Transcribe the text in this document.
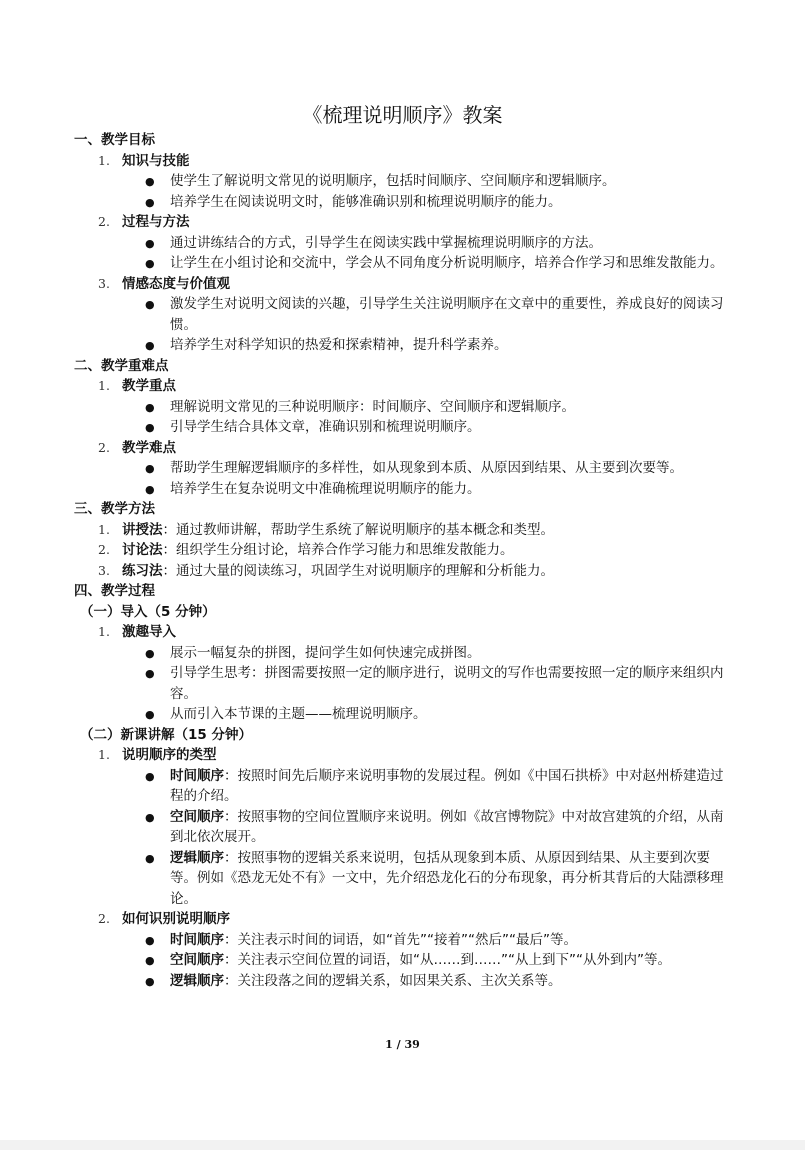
《梳理说明顺序》教案
一、教学目标
1. 知识与技能
● 使学生了解说明文常见的说明顺序，包括时间顺序、空间顺序和逻辑顺序。
● 培养学生在阅读说明文时，能够准确识别和梳理说明顺序的能力。
2. 过程与方法
● 通过讲练结合的方式，引导学生在阅读实践中掌握梳理说明顺序的方法。
● 让学生在小组讨论和交流中，学会从不同角度分析说明顺序，培养合作学习和思维发散能力。
3. 情感态度与价值观
● 激发学生对说明文阅读的兴趣，引导学生关注说明顺序在文章中的重要性，养成良好的阅读习惯。
● 培养学生对科学知识的热爱和探索精神，提升科学素养。
二、教学重难点
1. 教学重点
● 理解说明文常见的三种说明顺序：时间顺序、空间顺序和逻辑顺序。
● 引导学生结合具体文章，准确识别和梳理说明顺序。
2. 教学难点
● 帮助学生理解逻辑顺序的多样性，如从现象到本质、从原因到结果、从主要到次要等。
● 培养学生在复杂说明文中准确梳理说明顺序的能力。
三、教学方法
1. 讲授法：通过教师讲解，帮助学生系统了解说明顺序的基本概念和类型。
2. 讨论法：组织学生分组讨论，培养合作学习能力和思维发散能力。
3. 练习法：通过大量的阅读练习，巩固学生对说明顺序的理解和分析能力。
四、教学过程
（一）导入（5 分钟）
1. 激趣导入
● 展示一幅复杂的拼图，提问学生如何快速完成拼图。
● 引导学生思考：拼图需要按照一定的顺序进行，说明文的写作也需要按照一定的顺序来组织内容。
● 从而引入本节课的主题——梳理说明顺序。
（二）新课讲解（15 分钟）
1. 说明顺序的类型
● 时间顺序：按照时间先后顺序来说明事物的发展过程。例如《中国石拱桥》中对赵州桥建造过程的介绍。
● 空间顺序：按照事物的空间位置顺序来说明。例如《故宫博物院》中对故宫建筑的介绍，从南到北依次展开。
● 逻辑顺序：按照事物的逻辑关系来说明，包括从现象到本质、从原因到结果、从主要到次要等。例如《恐龙无处不有》一文中，先介绍恐龙化石的分布现象，再分析其背后的大陆漂移理论。
2. 如何识别说明顺序
● 时间顺序：关注表示时间的词语，如“首先”“接着”“然后”“最后”等。
● 空间顺序：关注表示空间位置的词语，如“从……到……”“从上到下”“从外到内”等。
● 逻辑顺序：关注段落之间的逻辑关系，如因果关系、主次关系等。
1 / 39
